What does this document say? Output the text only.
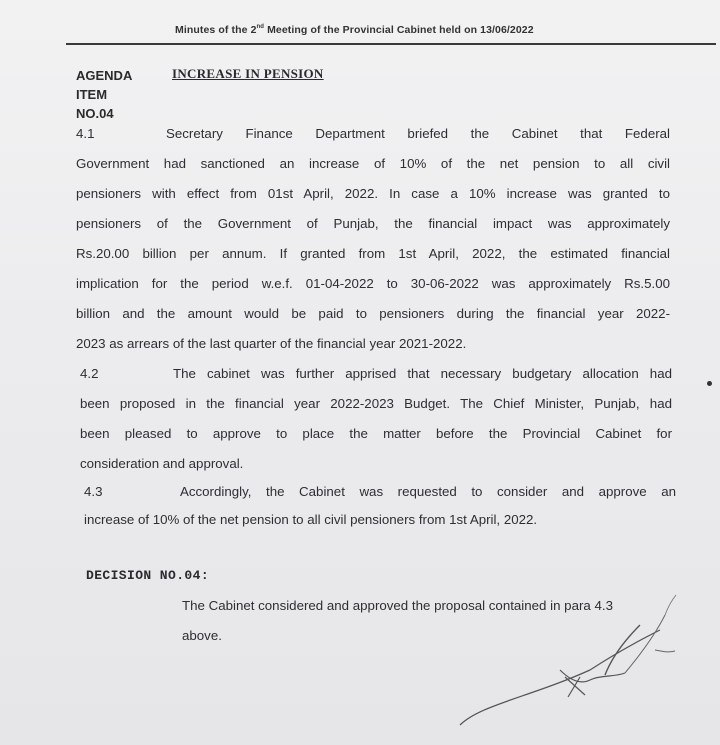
Minutes of the 2nd Meeting of the Provincial Cabinet held on 13/06/2022
AGENDA
ITEM
NO.04
INCREASE IN PENSION
4.1	Secretary Finance Department briefed the Cabinet that Federal
Government had sanctioned an increase of 10% of the net pension to all civil
pensioners with effect from 01st April, 2022. In case a 10% increase was granted to
pensioners of the Government of Punjab, the financial impact was approximately
Rs.20.00 billion per annum. If granted from 1st April, 2022, the estimated financial
implication for the period w.e.f. 01-04-2022 to 30-06-2022 was approximately Rs.5.00
billion and the amount would be paid to pensioners during the financial year 2022-
2023 as arrears of the last quarter of the financial year 2021-2022.
4.2	The cabinet was further apprised that necessary budgetary allocation had
been proposed in the financial year 2022-2023 Budget. The Chief Minister, Punjab, had
been pleased to approve to place the matter before the Provincial Cabinet for
consideration and approval.
4.3	Accordingly, the Cabinet was requested to consider and approve an
increase of 10% of the net pension to all civil pensioners from 1st April, 2022.
DECISION NO.04:
The Cabinet considered and approved the proposal contained in para 4.3
above.
